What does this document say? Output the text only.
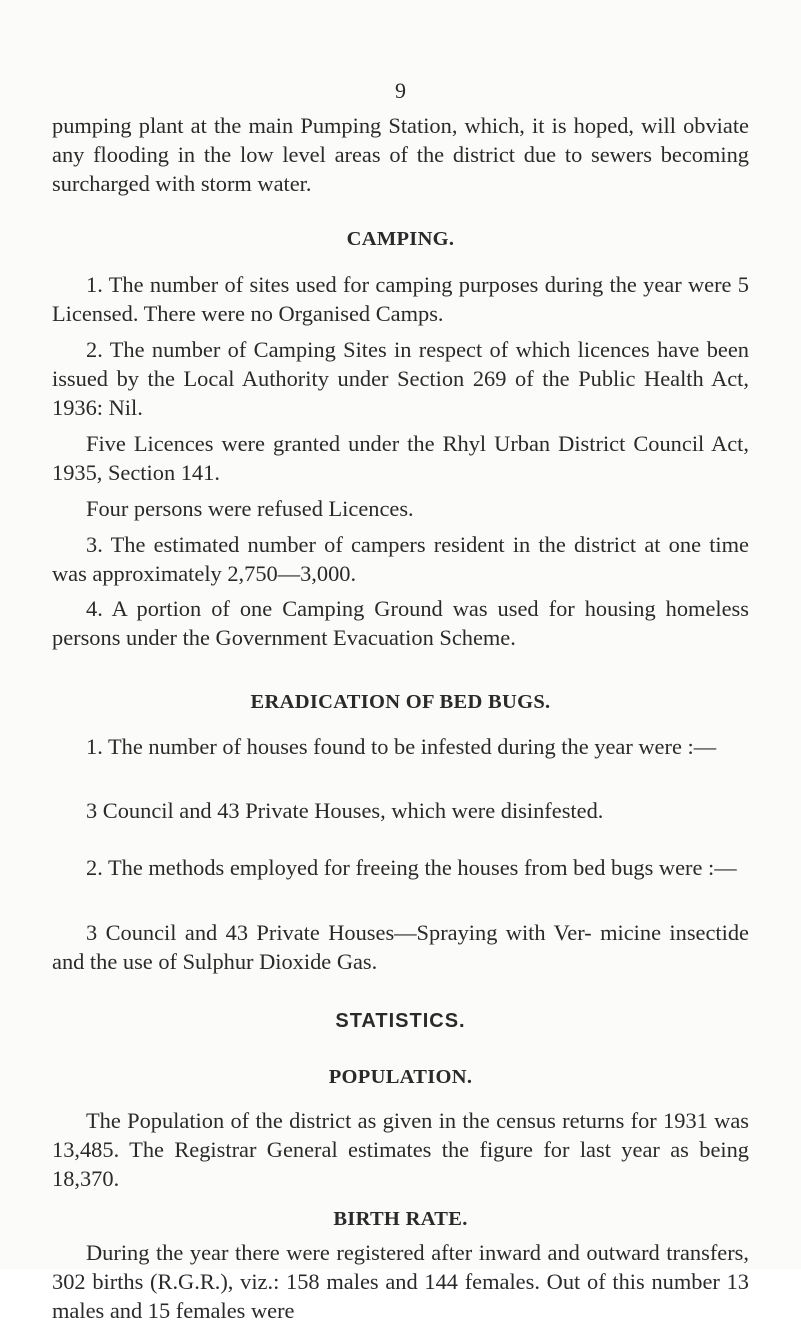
9

pumping plant at the main Pumping Station, which, it is hoped, will obviate any flooding in the low level areas of the district due to sewers becoming surcharged with storm water.

CAMPING.

1. The number of sites used for camping purposes during the year were 5 Licensed. There were no Organised Camps.

2. The number of Camping Sites in respect of which licences have been issued by the Local Authority under Section 269 of the Public Health Act, 1936: Nil.

Five Licences were granted under the Rhyl Urban District Council Act, 1935, Section 141.

Four persons were refused Licences.

3. The estimated number of campers resident in the district at one time was approximately 2,750—3,000.

4. A portion of one Camping Ground was used for housing homeless persons under the Government Evacuation Scheme.

ERADICATION OF BED BUGS.

1. The number of houses found to be infested during the year were :—

3 Council and 43 Private Houses, which were disinfested.

2. The methods employed for freeing the houses from bed bugs were :—

3 Council and 43 Private Houses—Spraying with Ver- micine insectide and the use of Sulphur Dioxide Gas.

STATISTICS.
POPULATION.

The Population of the district as given in the census returns for 1931 was 13,485. The Registrar General estimates the figure for last year as being 18,370.

BIRTH RATE.

During the year there were registered after inward and outward transfers, 302 births (R.G.R.), viz.: 158 males and 144 females. Out of this number 13 males and 15 females were
